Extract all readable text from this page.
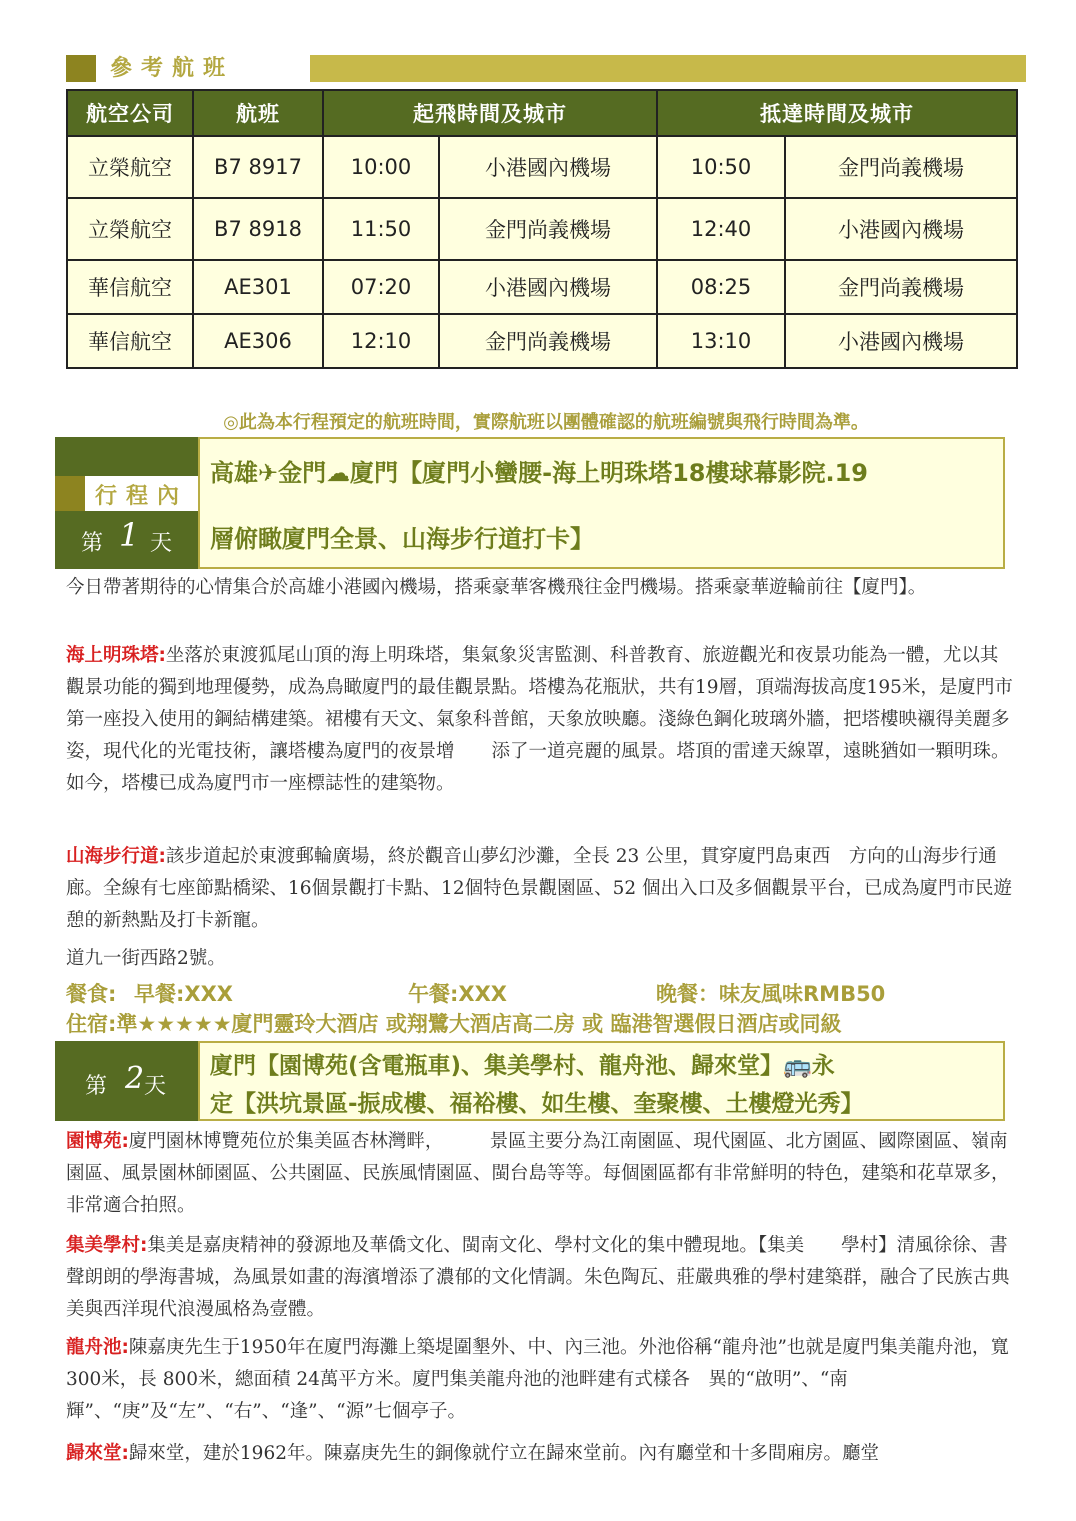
參考航班
航空公司	航班	起飛時間及城市		抵達時間及城市	
立榮航空	B7 8917	10:00	小港國內機場	10:50	金門尚義機場
立榮航空	B7 8918	11:50	金門尚義機場	12:40	小港國內機場
華信航空	AE301	07:20	小港國內機場	08:25	金門尚義機場
華信航空	AE306	12:10	金門尚義機場	13:10	小港國內機場
◎此為本行程預定的航班時間，實際航班以團體確認的航班編號與飛行時間為準。
行程內
第 1 天
高雄✈金門☁廈門【廈門小蠻腰-海上明珠塔18樓球幕影院.19
層俯瞰廈門全景、山海步行道打卡】

今日帶著期待的心情集合於高雄小港國內機場，搭乘豪華客機飛往金門機場。搭乘豪華遊輪前往【廈門】。

海上明珠塔:坐落於東渡狐尾山頂的海上明珠塔，集氣象災害監測、科普教育、旅遊觀光和夜景功能為一體，尤以其觀景功能的獨到地理優勢，成為鳥瞰廈門的最佳觀景點。塔樓為花瓶狀，共有19層，頂端海拔高度195米，是廈門市第一座投入使用的鋼結構建築。裙樓有天文、氣象科普館，天象放映廳。淺綠色鋼化玻璃外牆，把塔樓映襯得美麗多姿，現代化的光電技術，讓塔樓為廈門的夜景增　　添了一道亮麗的風景。塔頂的雷達天線罩，遠眺猶如一顆明珠。如今，塔樓已成為廈門市一座標誌性的建築物。

山海步行道:該步道起於東渡郵輪廣場，終於觀音山夢幻沙灘，全長 23 公里，貫穿廈門島東西　方向的山海步行通廊。全線有七座節點橋梁、16個景觀打卡點、12個特色景觀園區、52 個出入口及多個觀景平台，已成為廈門市民遊憩的新熱點及打卡新寵。

道九一街西路2號。

餐食: 早餐:XXX	午餐:XXX	晚餐：味友風味RMB50
住宿:準★★★★★廈門靈玲大酒店 或翔鷺大酒店高二房 或 臨港智選假日酒店或同級
第 2 天
廈門【園博苑(含電瓶車)、集美學村、龍舟池、歸來堂】🚌永
定【洪坑景區-振成樓、福裕樓、如生樓、奎聚樓、土樓燈光秀】

園博苑:廈門園林博覽苑位於集美區杏林灣畔，　　　景區主要分為江南園區、現代園區、北方園區、國際園區、嶺南園區、風景園林師園區、公共園區、民族風情園區、閩台島等等。每個園區都有非常鮮明的特色，建築和花草眾多，非常適合拍照。

集美學村:集美是嘉庚精神的發源地及華僑文化、閩南文化、學村文化的集中體現地。【集美　　學村】清風徐徐、書聲朗朗的學海書城，為風景如畫的海濱增添了濃郁的文化情調。朱色陶瓦、莊嚴典雅的學村建築群，融合了民族古典美與西洋現代浪漫風格為壹體。

龍舟池:陳嘉庚先生于1950年在廈門海灘上築堤圍墾外、中、內三池。外池俗稱“龍舟池”也就是廈門集美龍舟池，寬300米，長 800米，總面積 24萬平方米。廈門集美龍舟池的池畔建有式樣各　異的“啟明”、“南輝”、“庚”及“左”、“右”、“逢”、“源”七個亭子。

歸來堂:歸來堂，建於1962年。陳嘉庚先生的銅像就佇立在歸來堂前。內有廳堂和十多間廂房。廳堂
